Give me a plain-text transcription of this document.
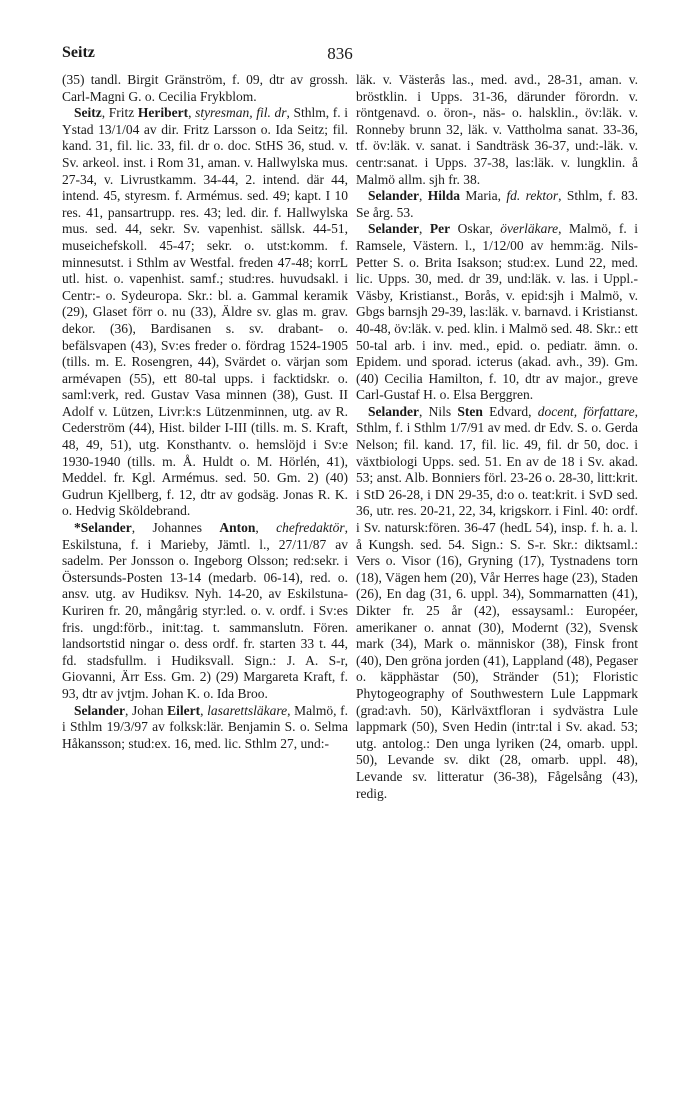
Seitz	836

(35) tandl. Birgit Gränström, f. 09, dtr av grossh. Carl-Magni G. o. Cecilia Frykblom.

Seitz, Fritz Heribert, styresman, fil. dr, Sthlm, f. i Ystad 13/1/04 av dir. Fritz Larsson o. Ida Seitz; fil. kand. 31, fil. lic. 33, fil. dr o. doc. StHS 36, stud. v. Sv. arkeol. inst. i Rom 31, aman. v. Hallwylska mus. 27-34, v. Livrustkamm. 34-44, 2. intend. där 44, intend. 45, styresm. f. Armémus. sed. 49; kapt. I 10 res. 41, pansartrupp. res. 43; led. dir. f. Hallwylska mus. sed. 44, sekr. Sv. vapenhist. sällsk. 44-51, museichefskoll. 45-47; sekr. o. utst:komm. f. minnesutst. i Sthlm av Westfal. freden 47-48; korrL utl. hist. o. vapenhist. samf.; stud:res. huvudsakl. i Centr:- o. Sydeuropa. Skr.: bl. a. Gammal keramik (29), Glaset förr o. nu (33), Äldre sv. glas m. grav. dekor. (36), Bardisanen s. sv. drabant- o. befälsvapen (43), Sv:es freder o. fördrag 1524-1905 (tills. m. E. Rosengren, 44), Svärdet o. värjan som armévapen (55), ett 80-tal upps. i facktidskr. o. saml:verk, red. Gustav Vasa minnen (38), Gust. II Adolf v. Lützen, Livr:k:s Lützenminnen, utg. av R. Cederström (44), Hist. bilder I-III (tills. m. S. Kraft, 48, 49, 51), utg. Konsthantv. o. hemslöjd i Sv:e 1930-1940 (tills. m. Å. Huldt o. M. Hörlén, 41), Meddel. fr. Kgl. Armémus. sed. 50. Gm. 2) (40) Gudrun Kjellberg, f. 12, dtr av godsäg. Jonas R. K. o. Hedvig Sköldebrand.

*Selander, Johannes Anton, chefredaktör, Eskilstuna, f. i Marieby, Jämtl. l., 27/11/87 av sadelm. Per Jonsson o. Ingeborg Olsson; red:sekr. i Östersunds-Posten 13-14 (medarb. 06-14), red. o. ansv. utg. av Hudiksv. Nyh. 14-20, av Eskilstuna-Kuriren fr. 20, mångårig styr:led. o. v. ordf. i Sv:es fris. ungd:förb., init:tag. t. sammanslutn. Fören. landsortstid ningar o. dess ordf. fr. starten 33 t. 44, fd. stadsfullm. i Hudiksvall. Sign.: J. A. S-r, Giovanni, Ärr Ess. Gm. 2) (29) Margareta Kraft, f. 93, dtr av jvtjm. Johan K. o. Ida Broo.

Selander, Johan Eilert, lasarettsläkare, Malmö, f. i Sthlm 19/3/97 av folksk:lär. Benjamin S. o. Selma Håkansson; stud:ex. 16, med. lic. Sthlm 27, und:-

läk. v. Västerås las., med. avd., 28-31, aman. v. bröstklin. i Upps. 31-36, därunder förordn. v. röntgenavd. o. öron-, näs- o. halsklin., öv:läk. v. Ronneby brunn 32, läk. v. Vattholma sanat. 33-36, tf. öv:läk. v. sanat. i Sandträsk 36-37, und:-läk. v. centr:sanat. i Upps. 37-38, las:läk. v. lungklin. å Malmö allm. sjh fr. 38.

Selander, Hilda Maria, fd. rektor, Sthlm, f. 83. Se årg. 53.

Selander, Per Oskar, överläkare, Malmö, f. i Ramsele, Västern. l., 1/12/00 av hemm:äg. Nils-Petter S. o. Brita Isakson; stud:ex. Lund 22, med. lic. Upps. 30, med. dr 39, und:läk. v. las. i Uppl.-Väsby, Kristianst., Borås, v. epid:sjh i Malmö, v. Gbgs barnsjh 29-39, las:läk. v. barnavd. i Kristianst. 40-48, öv:läk. v. ped. klin. i Malmö sed. 48. Skr.: ett 50-tal arb. i inv. med., epid. o. pediatr. ämn. o. Epidem. und sporad. icterus (akad. avh., 39). Gm. (40) Cecilia Hamilton, f. 10, dtr av major., greve Carl-Gustaf H. o. Elsa Berggren.

Selander, Nils Sten Edvard, docent, författare, Sthlm, f. i Sthlm 1/7/91 av med. dr Edv. S. o. Gerda Nelson; fil. kand. 17, fil. lic. 49, fil. dr 50, doc. i växtbiologi Upps. sed. 51. En av de 18 i Sv. akad. 53; anst. Alb. Bonniers förl. 23-26 o. 28-30, litt:krit. i StD 26-28, i DN 29-35, d:o o. teat:krit. i SvD sed. 36, utr. res. 20-21, 22, 34, krigskorr. i Finl. 40: ordf. i Sv. natursk:fören. 36-47 (hedL 54), insp. f. h. a. l. å Kungsh. sed. 54. Sign.: S. S-r. Skr.: diktsaml.: Vers o. Visor (16), Gryning (17), Tystnadens torn (18), Vägen hem (20), Vår Herres hage (23), Staden (26), En dag (31, 6. uppl. 34), Sommarnatten (41), Dikter fr. 25 år (42), essaysaml.: Européer, amerikaner o. annat (30), Modernt (32), Svensk mark (34), Mark o. människor (38), Finsk front (40), Den gröna jorden (41), Lappland (48), Pegaser o. käpphästar (50), Stränder (51); Floristic Phytogeography of Southwestern Lule Lappmark (grad:avh. 50), Kärlväxtfloran i sydvästra Lule lappmark (50), Sven Hedin (intr:tal i Sv. akad. 53; utg. antolog.: Den unga lyriken (24, omarb. uppl. 50), Levande sv. dikt (28, omarb. uppl. 48), Levande sv. litteratur (36-38), Fågelsång (43), redig.
